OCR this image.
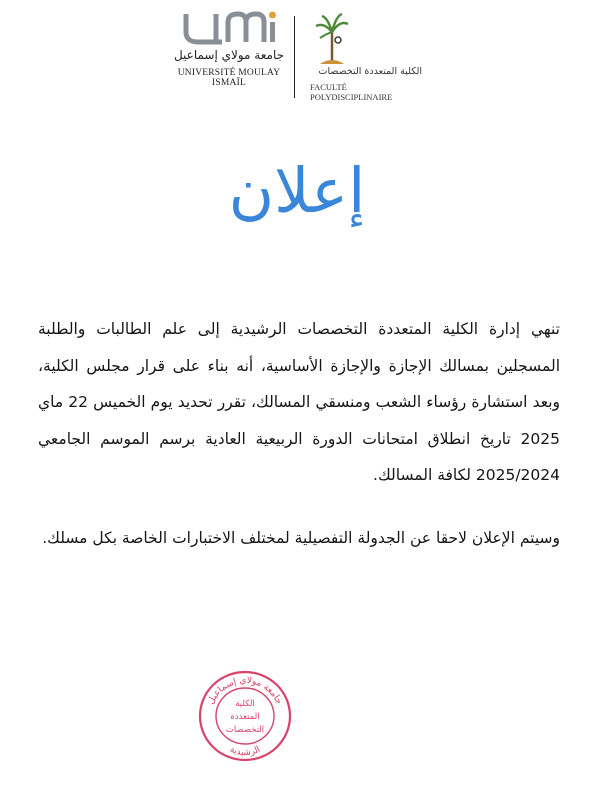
جامعة مولاي إسماعيل
UNIVERSITÉ MOULAY ISMAÏL
الكلية المتعددة التخصصات
FACULTÉ POLYDISCIPLINAIRE
إعلان

تنهي إدارة الكلية المتعددة التخصصات الرشيدية إلى علم الطالبات والطلبة المسجلين بمسالك الإجازة والإجازة الأساسية، أنه بناء على قرار مجلس الكلية، وبعد استشارة رؤساء الشعب ومنسقي المسالك، تقرر تحديد يوم الخميس 22 ماي 2025 تاريخ انطلاق امتحانات الدورة الربيعية العادية برسم الموسم الجامعي 2025/2024 لكافة المسالك.

وسيتم الإعلان لاحقا عن الجدولة التفصيلية لمختلف الاختبارات الخاصة بكل مسلك.

جامعة مولاي إسماعيل
الكلية
المتعددة
التخصصات
الرشيدية
